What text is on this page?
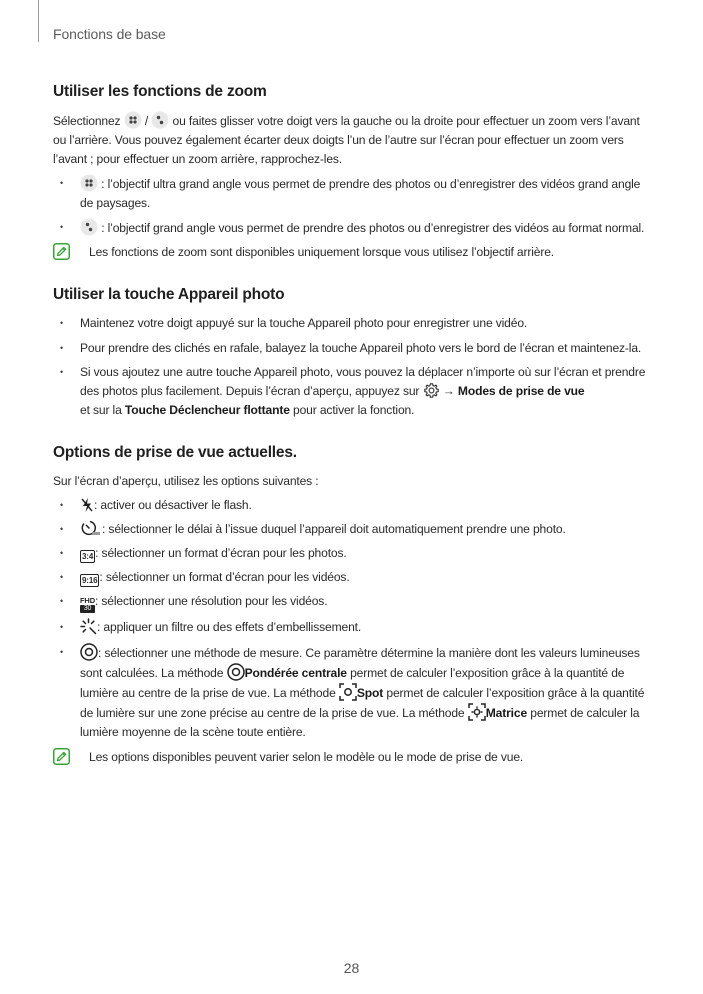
Fonctions de base
Utiliser les fonctions de zoom

Sélectionnez / ou faites glisser votre doigt vers la gauche ou la droite pour effectuer un zoom vers l’avant ou l’arrière. Vous pouvez également écarter deux doigts l’un de l’autre sur l’écran pour effectuer un zoom vers l’avant ; pour effectuer un zoom arrière, rapprochez-les.

• : l’objectif ultra grand angle vous permet de prendre des photos ou d’enregistrer des vidéos grand angle de paysages.
• : l’objectif grand angle vous permet de prendre des photos ou d’enregistrer des vidéos au format normal.
Les fonctions de zoom sont disponibles uniquement lorsque vous utilisez l’objectif arrière.
Utiliser la touche Appareil photo
• Maintenez votre doigt appuyé sur la touche Appareil photo pour enregistrer une vidéo.
• Pour prendre des clichés en rafale, balayez la touche Appareil photo vers le bord de l’écran et maintenez-la.
• Si vous ajoutez une autre touche Appareil photo, vous pouvez la déplacer n’importe où sur l’écran et prendre des photos plus facilement. Depuis l’écran d’aperçu, appuyez sur → Modes de prise de vue
et sur la Touche Déclencheur flottante pour activer la fonction.
Options de prise de vue actuelles.

Sur l’écran d’aperçu, utilisez les options suivantes :

• : activer ou désactiver le flash.
• : sélectionner le délai à l’issue duquel l’appareil doit automatiquement prendre une photo.
• 3:4 : sélectionner un format d’écran pour les photos.
• 9:16 : sélectionner un format d’écran pour les vidéos.
• FHD
30
: sélectionner une résolution pour les vidéos.
• : appliquer un filtre ou des effets d’embellissement.
• : sélectionner une méthode de mesure. Ce paramètre détermine la manière dont les valeurs lumineuses sont calculées. La méthode Pondérée centrale permet de calculer l’exposition grâce à la quantité de lumière au centre de la prise de vue. La méthode Spot permet de calculer l’exposition grâce à la quantité de lumière sur une zone précise au centre de la prise de vue. La méthode Matrice permet de calculer la lumière moyenne de la scène toute entière.
Les options disponibles peuvent varier selon le modèle ou le mode de prise de vue.
28
